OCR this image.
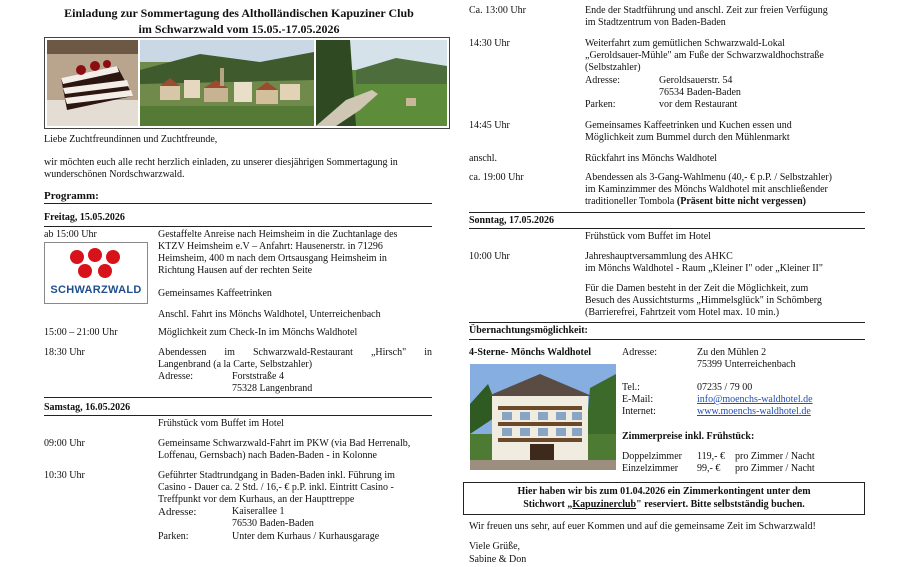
Einladung zur Sommertagung des Altholländischen Kapuziner Club
im Schwarzwald vom 15.05.-17.05.2026
Liebe Zuchtfreundinnen und Zuchtfreunde,
wir möchten euch alle recht herzlich einladen, zu unserer diesjährigen Sommertagung in
wunderschönen Nordschwarzwald.
Programm:
Freitag, 15.05.2026
ab 15:00 Uhr	Gestaffelte Anreise nach Heimsheim in die Zuchtanlage des
KTZV Heimsheim e.V – Anfahrt: Hausenerstr. in 71296
Heimsheim, 400 m nach dem Ortsausgang Heimsheim in
Richtung Hausen auf der rechten Seite
SCHWARZWALD	Gemeinsames Kaffeetrinken
Anschl. Fahrt ins Mönchs Waldhotel, Unterreichenbach
15:00 – 21:00 Uhr	Möglichkeit zum Check-In im Mönchs Waldhotel
18:30 Uhr	Abendessen im Schwarzwald-Restaurant „Hirsch" in
Langenbrand (a la Carte, Selbstzahler)
Adresse:	Forststraße 4
75328 Langenbrand
Samstag, 16.05.2026
Frühstück vom Buffet im Hotel
09:00 Uhr	Gemeinsame Schwarzwald-Fahrt im PKW (via Bad Herrenalb,
Loffenau, Gernsbach) nach Baden-Baden - in Kolonne
10:30 Uhr	Geführter Stadtrundgang in Baden-Baden inkl. Führung im
Casino - Dauer ca. 2 Std. / 16,- € p.P. inkl. Eintritt Casino -
Treffpunkt vor dem Kurhaus, an der Haupttreppe
Adresse:	Kaiserallee 1
76530 Baden-Baden
Parken:	Unter dem Kurhaus / Kurhausgarage
Ca. 13:00 Uhr	Ende der Stadtführung und anschl. Zeit zur freien Verfügung
im Stadtzentrum von Baden-Baden
14:30 Uhr	Weiterfahrt zum gemütlichen Schwarzwald-Lokal
„Geroldsauer-Mühle" am Fuße der Schwarzwaldhochstraße
(Selbstzahler)
Adresse:	Geroldsauerstr. 54
76534 Baden-Baden
Parken:	vor dem Restaurant
14:45 Uhr	Gemeinsames Kaffeetrinken und Kuchen essen und
Möglichkeit zum Bummel durch den Mühlenmarkt
anschl.	Rückfahrt ins Mönchs Waldhotel
ca. 19:00 Uhr	Abendessen als 3-Gang-Wahlmenu (40,- € p.P. / Selbstzahler)
im Kaminzimmer des Mönchs Waldhotel mit anschließender
traditioneller Tombola (Präsent bitte nicht vergessen)
Sonntag, 17.05.2026
Frühstück vom Buffet im Hotel
10:00 Uhr	Jahreshauptversammlung des AHKC
im Mönchs Waldhotel - Raum „Kleiner I" oder „Kleiner II"
Für die Damen besteht in der Zeit die Möglichkeit, zum
Besuch des Aussichtsturms „Himmelsglück" in Schömberg
(Barrierefrei, Fahrtzeit vom Hotel max. 10 min.)
Übernachtungsmöglichkeit:
4-Sterne- Mönchs Waldhotel	Adresse:	Zu den Mühlen 2
75399 Unterreichenbach
Tel.:	07235 / 79 00
E-Mail:	info@moenchs-waldhotel.de
Internet:	www.moenchs-waldhotel.de
Zimmerpreise inkl. Frühstück:
Doppelzimmer 119,- € pro Zimmer / Nacht
Einzelzimmer 99,- € pro Zimmer / Nacht
Hier haben wir bis zum 01.04.2026 ein Zimmerkontingent unter dem
Stichwort „Kapuzinerclub" reserviert. Bitte selbstständig buchen.
Wir freuen uns sehr, auf euer Kommen und auf die gemeinsame Zeit im Schwarzwald!
Viele Grüße,
Sabine & Don
